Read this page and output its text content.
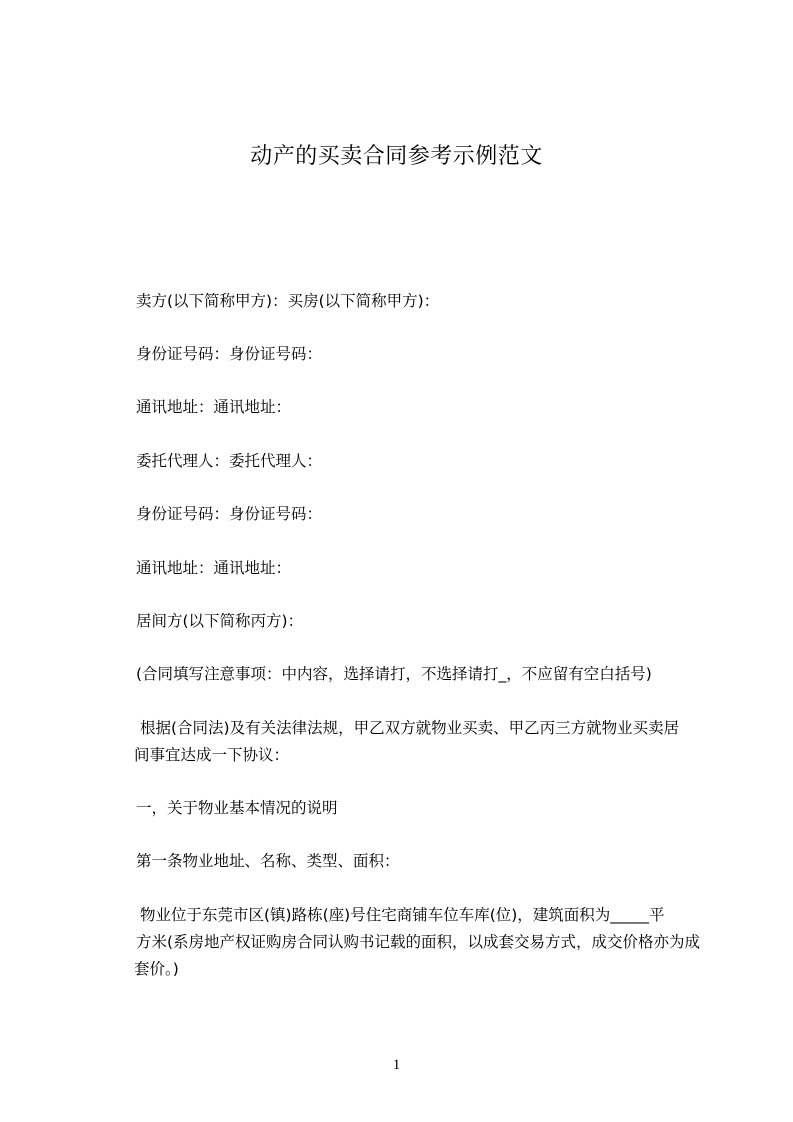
动产的买卖合同参考示例范文
卖方(以下简称甲方)：买房(以下简称甲方)：
身份证号码：身份证号码：
通讯地址：通讯地址：
委托代理人：委托代理人：
身份证号码：身份证号码：
通讯地址：通讯地址：
居间方(以下简称丙方)：
(合同填写注意事项：中内容，选择请打，不选择请打_，不应留有空白括号)
根据(合同法)及有关法律法规，甲乙双方就物业买卖、甲乙丙三方就物业买卖居
间事宜达成一下协议：
一，关于物业基本情况的说明
第一条物业地址、名称、类型、面积：
物业位于东莞市区(镇)路栋(座)号住宅商铺车位车库(位)，建筑面积为_____平
方米(系房地产权证购房合同认购书记载的面积，以成套交易方式，成交价格亦为成
套价。)
1
